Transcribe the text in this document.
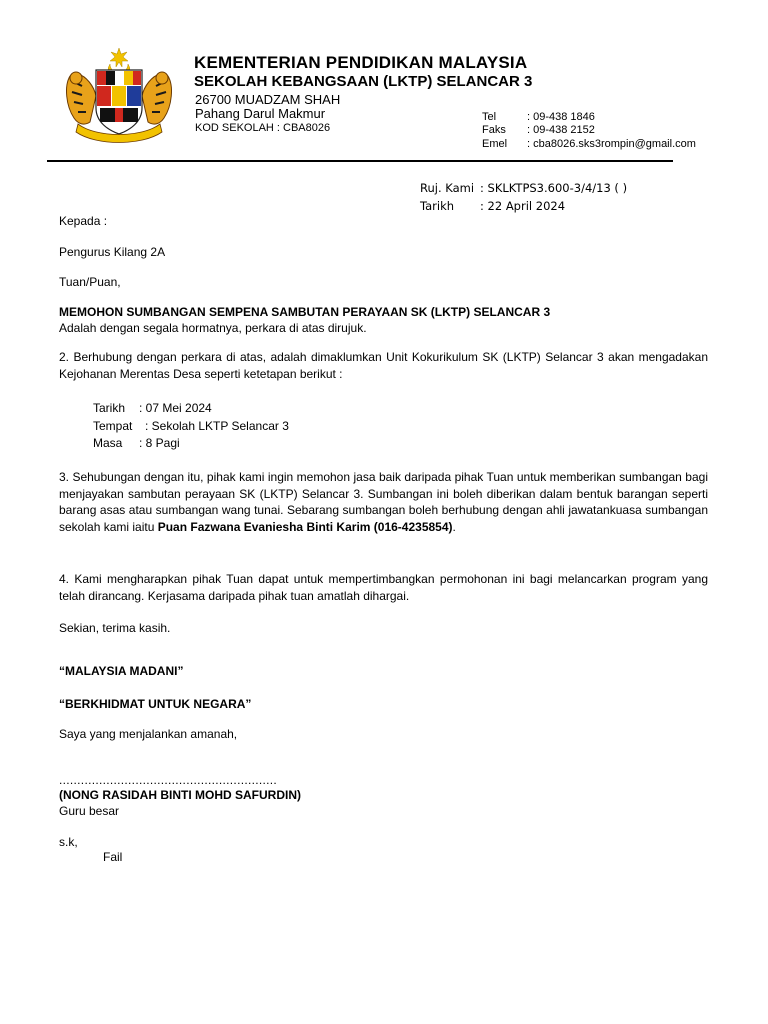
KEMENTERIAN PENDIDIKAN MALAYSIA
SEKOLAH KEBANGSAAN (LKTP) SELANCAR 3
26700 MUADZAM SHAH
Pahang Darul Makmur
KOD SEKOLAH : CBA8026
Tel	: 09-438 1846
Faks : 09-438 2152
Emel : cba8026.sks3rompin@gmail.com
Ruj. Kami : SKLKTPS3.600-3/4/13 ( )
Tarikh : 22 April 2024
Kepada :
Pengurus Kilang 2A
Tuan/Puan,
MEMOHON SUMBANGAN SEMPENA SAMBUTAN PERAYAAN SK (LKTP) SELANCAR 3
Adalah dengan segala hormatnya, perkara di atas dirujuk.
2. Berhubung dengan perkara di atas, adalah dimaklumkan Unit Kokurikulum SK (LKTP) Selancar 3 akan mengadakan Kejohanan Merentas Desa seperti ketetapan berikut :
Tarikh	: 07 Mei 2024
Tempat	: Sekolah LKTP Selancar 3
Masa	: 8 Pagi
3. Sehubungan dengan itu, pihak kami ingin memohon jasa baik daripada pihak Tuan untuk memberikan sumbangan bagi menjayakan sambutan perayaan SK (LKTP) Selancar 3. Sumbangan ini boleh diberikan dalam bentuk barangan seperti barang asas atau sumbangan wang tunai. Sebarang sumbangan boleh berhubung dengan ahli jawatankuasa sumbangan sekolah kami iaitu Puan Fazwana Evaniesha Binti Karim (016-4235854).
4. Kami mengharapkan pihak Tuan dapat untuk mempertimbangkan permohonan ini bagi melancarkan program yang telah dirancang. Kerjasama daripada pihak tuan amatlah dihargai.
Sekian, terima kasih.
“MALAYSIA MADANI”
“BERKHIDMAT UNTUK NEGARA”
Saya yang menjalankan amanah,
............................................................
(NONG RASIDAH BINTI MOHD SAFURDIN)
Guru besar
s.k,
Fail
